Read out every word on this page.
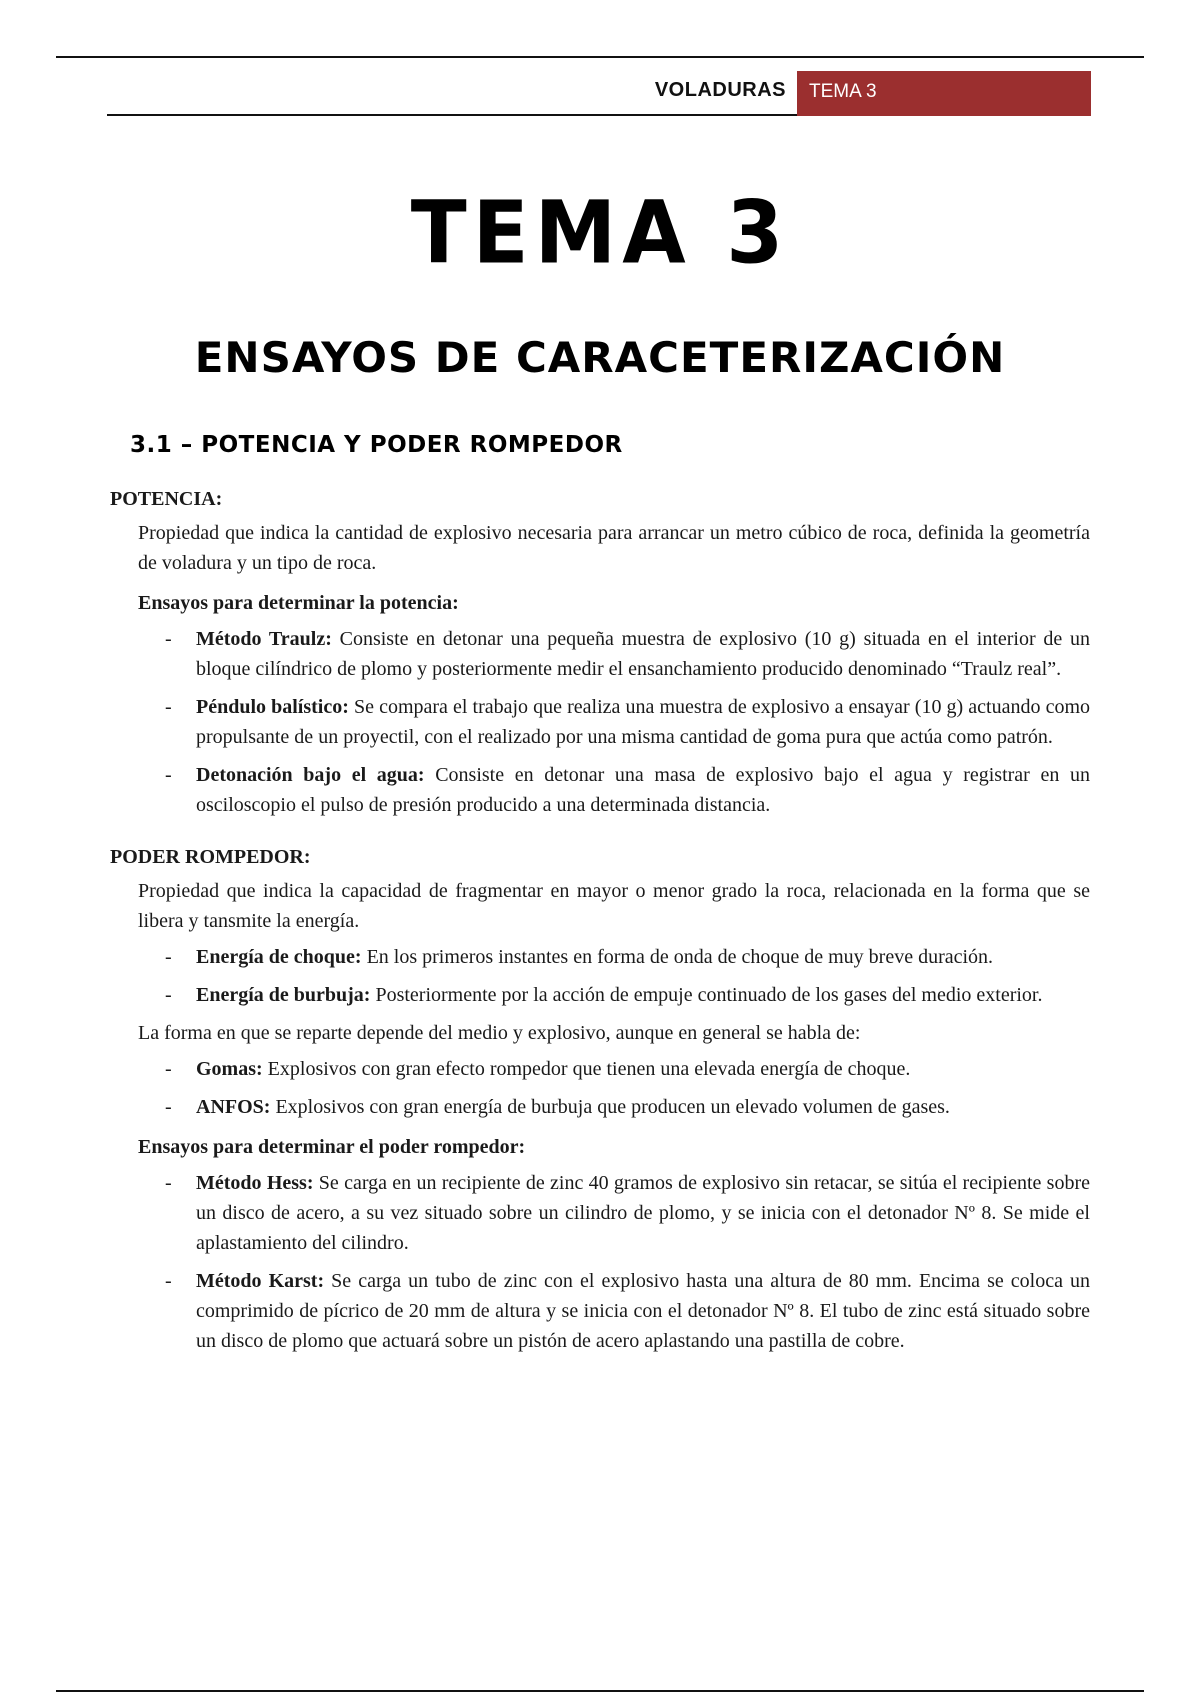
VOLADURAS	TEMA 3
TEMA 3
ENSAYOS DE CARACETERIZACIÓN
3.1 – POTENCIA Y PODER ROMPEDOR

POTENCIA:

Propiedad que indica la cantidad de explosivo necesaria para arrancar un metro cúbico de roca, definida la geometría de voladura y un tipo de roca.

Ensayos para determinar la potencia:

- Método Traulz: Consiste en detonar una pequeña muestra de explosivo (10 g) situada en el interior de un bloque cilíndrico de plomo y posteriormente medir el ensanchamiento producido denominado “Traulz real”.
- Péndulo balístico: Se compara el trabajo que realiza una muestra de explosivo a ensayar (10 g) actuando como propulsante de un proyectil, con el realizado por una misma cantidad de goma pura que actúa como patrón.
- Detonación bajo el agua: Consiste en detonar una masa de explosivo bajo el agua y registrar en un osciloscopio el pulso de presión producido a una determinada distancia.

PODER ROMPEDOR:

Propiedad que indica la capacidad de fragmentar en mayor o menor grado la roca, relacionada en la forma que se libera y tansmite la energía.

- Energía de choque: En los primeros instantes en forma de onda de choque de muy breve duración.
- Energía de burbuja: Posteriormente por la acción de empuje continuado de los gases del medio exterior.

La forma en que se reparte depende del medio y explosivo, aunque en general se habla de:

- Gomas: Explosivos con gran efecto rompedor que tienen una elevada energía de choque.
- ANFOS: Explosivos con gran energía de burbuja que producen un elevado volumen de gases.

Ensayos para determinar el poder rompedor:

- Método Hess: Se carga en un recipiente de zinc 40 gramos de explosivo sin retacar, se sitúa el recipiente sobre un disco de acero, a su vez situado sobre un cilindro de plomo, y se inicia con el detonador Nº 8. Se mide el aplastamiento del cilindro.
- Método Karst: Se carga un tubo de zinc con el explosivo hasta una altura de 80 mm. Encima se coloca un comprimido de pícrico de 20 mm de altura y se inicia con el detonador Nº 8. El tubo de zinc está situado sobre un disco de plomo que actuará sobre un pistón de acero aplastando una pastilla de cobre.
